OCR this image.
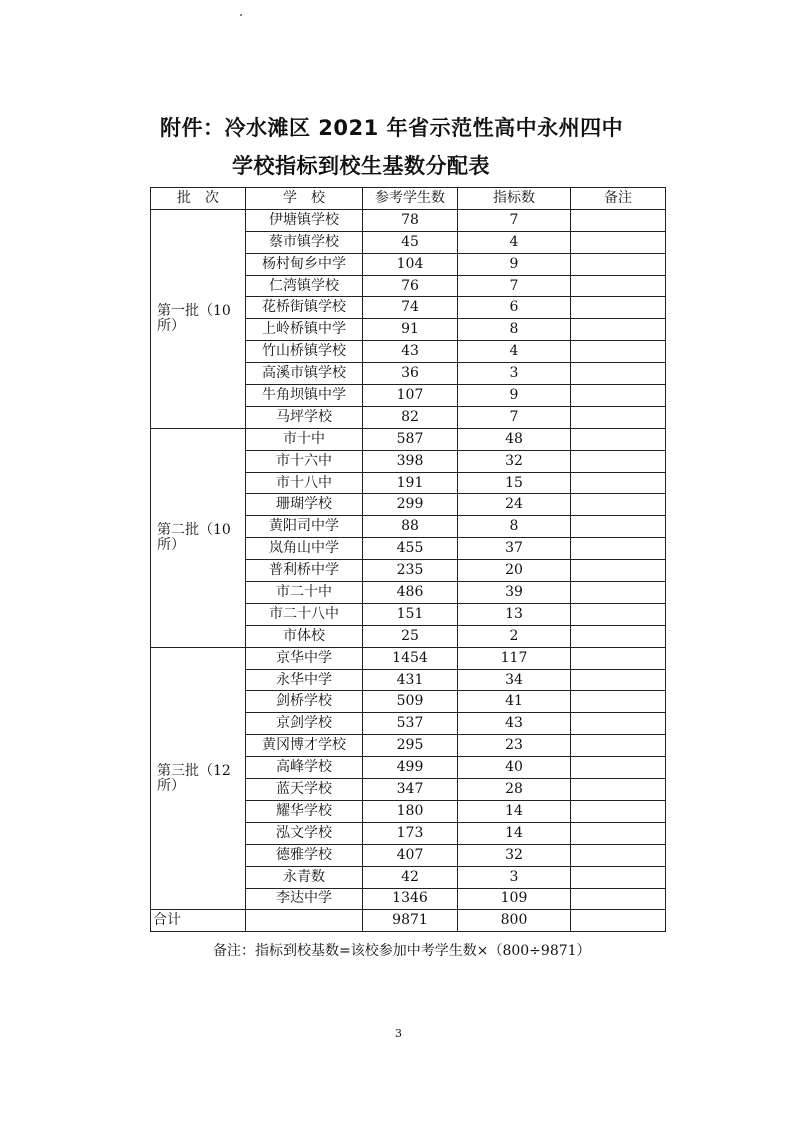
附件：冷水滩区 2021 年省示范性高中永州四中
学校指标到校生基数分配表
批　次	学　校	参考学生数	指标数	备注
第一批（10所）	伊塘镇学校	78	7	
	蔡市镇学校	45	4	
	杨村甸乡中学	104	9	
	仁湾镇学校	76	7	
	花桥街镇学校	74	6	
	上岭桥镇中学	91	8	
	竹山桥镇学校	43	4	
	高溪市镇学校	36	3	
	牛角坝镇中学	107	9	
	马坪学校	82	7	
第二批（10所）	市十中	587	48	
	市十六中	398	32	
	市十八中	191	15	
	珊瑚学校	299	24	
	黄阳司中学	88	8	
	岚角山中学	455	37	
	普利桥中学	235	20	
	市二十中	486	39	
	市二十八中	151	13	
	市体校	25	2	
第三批（12所）	京华中学	1454	117	
	永华中学	431	34	
	剑桥学校	509	41	
	京剑学校	537	43	
	黄冈博才学校	295	23	
	高峰学校	499	40	
	蓝天学校	347	28	
	耀华学校	180	14	
	泓文学校	173	14	
	德雅学校	407	32	
	永青数	42	3	
	李达中学	1346	109	
合计		9871	800	
备注：指标到校基数=该校参加中考学生数×（800÷9871）
3
